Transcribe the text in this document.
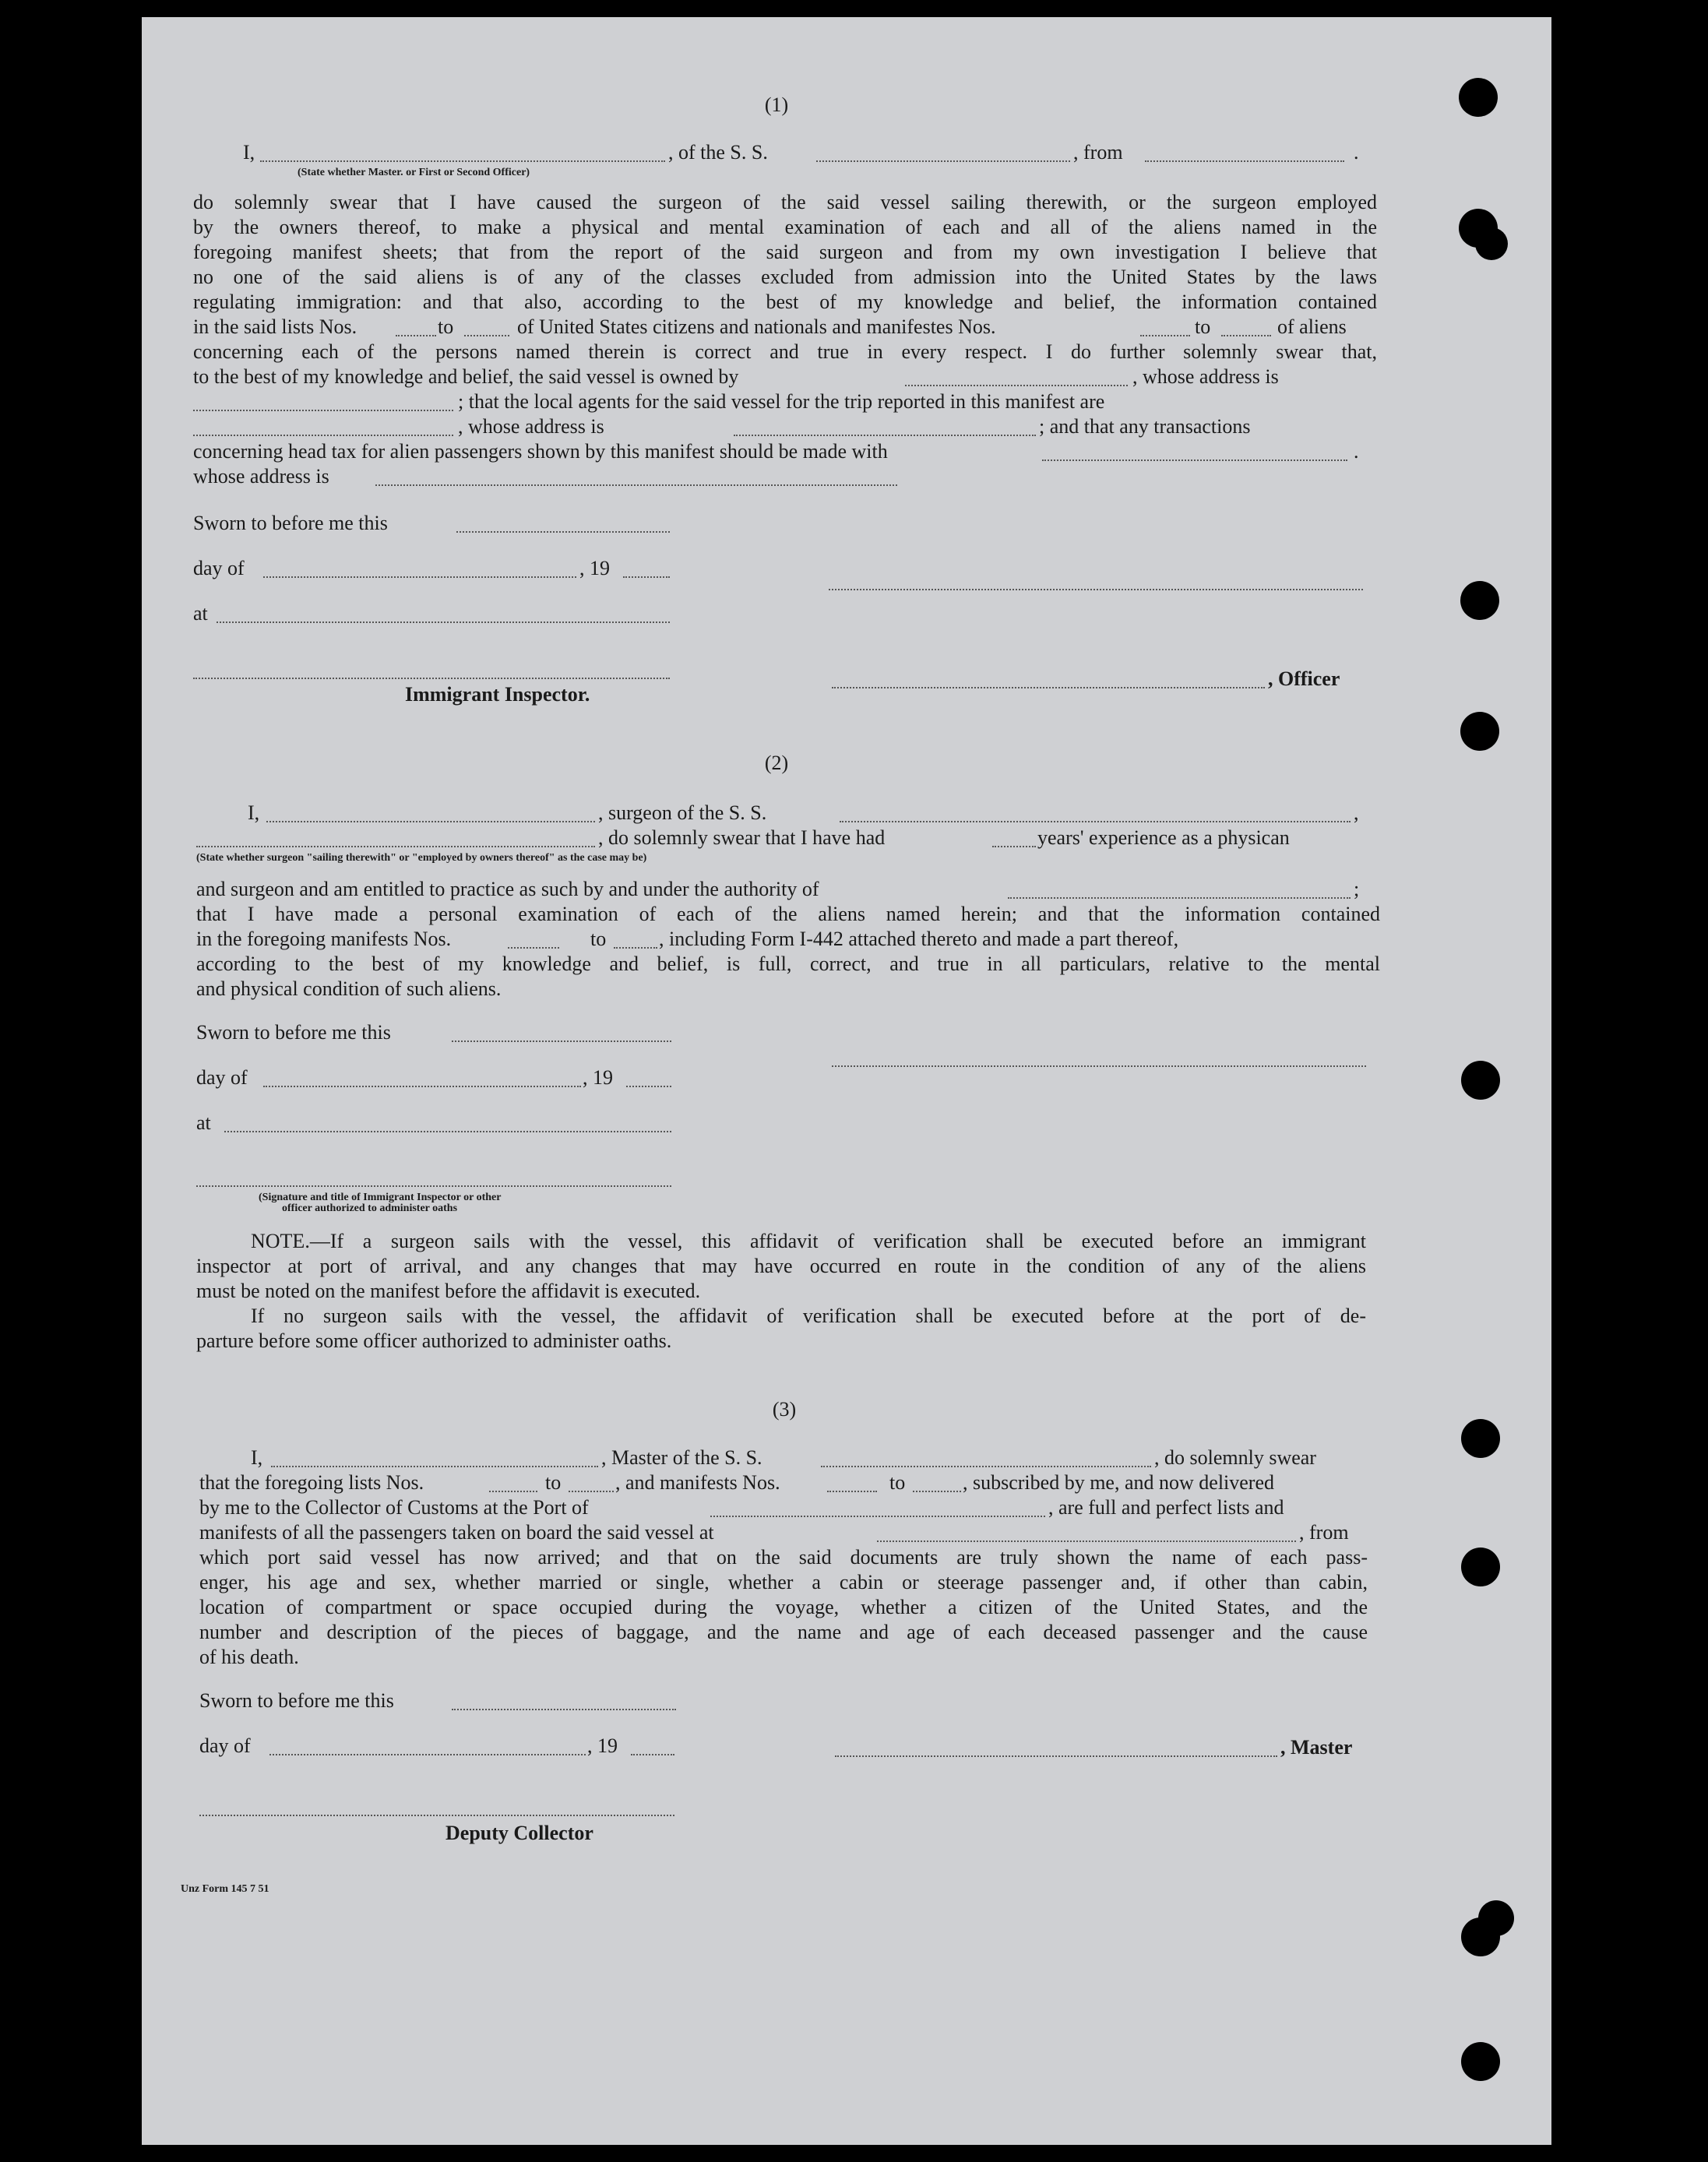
(1)
I,	, of the S. S.	, from	.
(State whether Master. or First or Second Officer)
do solemnly swear that I have caused the surgeon of the said vessel sailing therewith, or the surgeon employed
by the owners thereof, to make a physical and mental examination of each and all of the aliens named in the
foregoing manifest sheets; that from the report of the said surgeon and from my own investigation I believe that
no one of the said aliens is of any of the classes excluded from admission into the United States by the laws
regulating immigration: and that also, according to the best of my knowledge and belief, the information contained
in the said lists Nos.	to	of United States citizens and nationals and manifestes Nos.	to	of aliens
concerning each of the persons named therein is correct and true in every respect. I do further solemnly swear that,
to the best of my knowledge and belief, the said vessel is owned by	, whose address is
; that the local agents for the said vessel for the trip reported in this manifest are
, whose address is	; and that any transactions
concerning head tax for alien passengers shown by this manifest should be made with	.
whose address is
Sworn to before me this
day of	, 19
at
Immigrant Inspector.
, Officer
(2)
I,	, surgeon of the S. S.	,
, do solemnly swear that I have had	years' experience as a physican
(State whether surgeon "sailing therewith" or "employed by owners thereof" as the case may be)
and surgeon and am entitled to practice as such by and under the authority of	;
that I have made a personal examination of each of the aliens named herein; and that the information contained
in the foregoing manifests Nos.	to	, including Form I-442 attached thereto and made a part thereof,
according to the best of my knowledge and belief, is full, correct, and true in all particulars, relative to the mental
and physical condition of such aliens.
Sworn to before me this
day of	, 19
at
(Signature and title of Immigrant Inspector or other
officer authorized to administer oaths
NOTE.—If a surgeon sails with the vessel, this affidavit of verification shall be executed before an immigrant
inspector at port of arrival, and any changes that may have occurred en route in the condition of any of the aliens
must be noted on the manifest before the affidavit is executed.
If no surgeon sails with the vessel, the affidavit of verification shall be executed before at the port of de-
parture before some officer authorized to administer oaths.
(3)
I,	, Master of the S. S.	, do solemnly swear
that the foregoing lists Nos.	to	, and manifests Nos.	to	, subscribed by me, and now delivered
by me to the Collector of Customs at the Port of	, are full and perfect lists and
manifests of all the passengers taken on board the said vessel at	, from
which port said vessel has now arrived; and that on the said documents are truly shown the name of each pass-
enger, his age and sex, whether married or single, whether a cabin or steerage passenger and, if other than cabin,
location of compartment or space occupied during the voyage, whether a citizen of the United States, and the
number and description of the pieces of baggage, and the name and age of each deceased passenger and the cause
of his death.
Sworn to before me this
day of	, 19	, Master
Deputy Collector
Unz Form 145 7 51
